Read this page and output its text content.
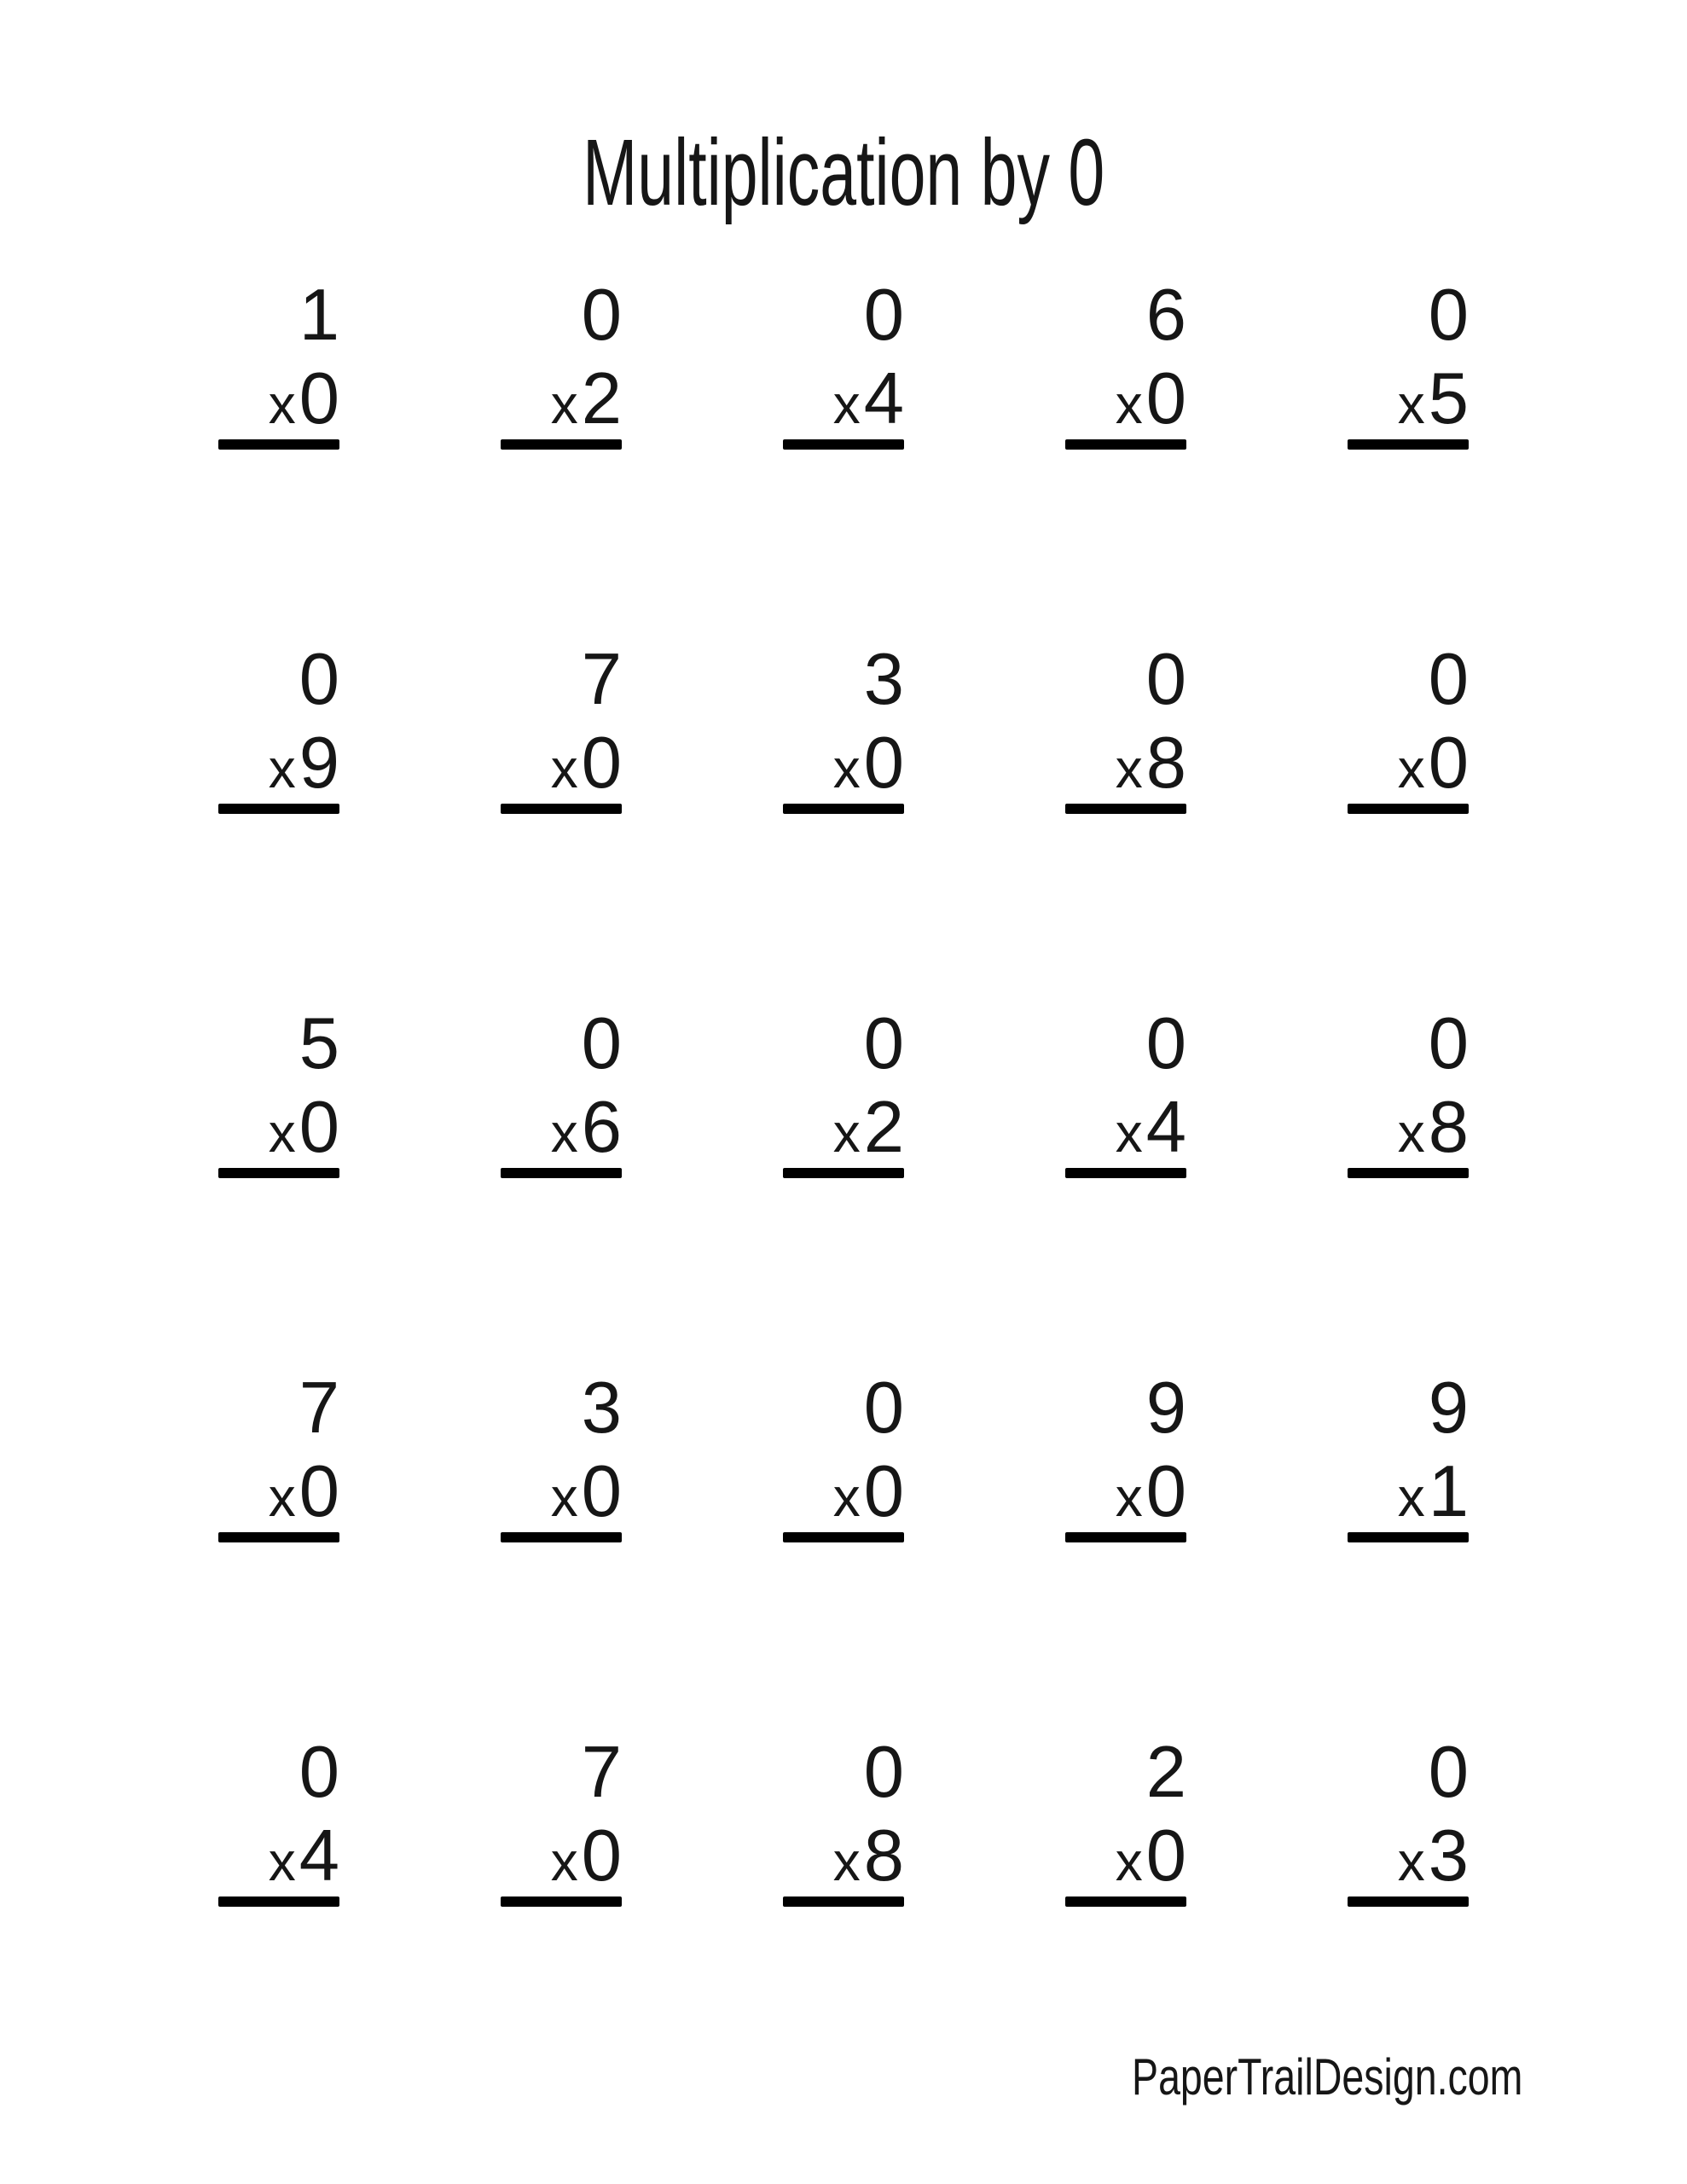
Multiplication by 0
1
x0
0
x2
0
x4
6
x0
0
x5
0
x9
7
x0
3
x0
0
x8
0
x0
5
x0
0
x6
0
x2
0
x4
0
x8
7
x0
3
x0
0
x0
9
x0
9
x1
0
x4
7
x0
0
x8
2
x0
0
x3
PaperTrailDesign.com
